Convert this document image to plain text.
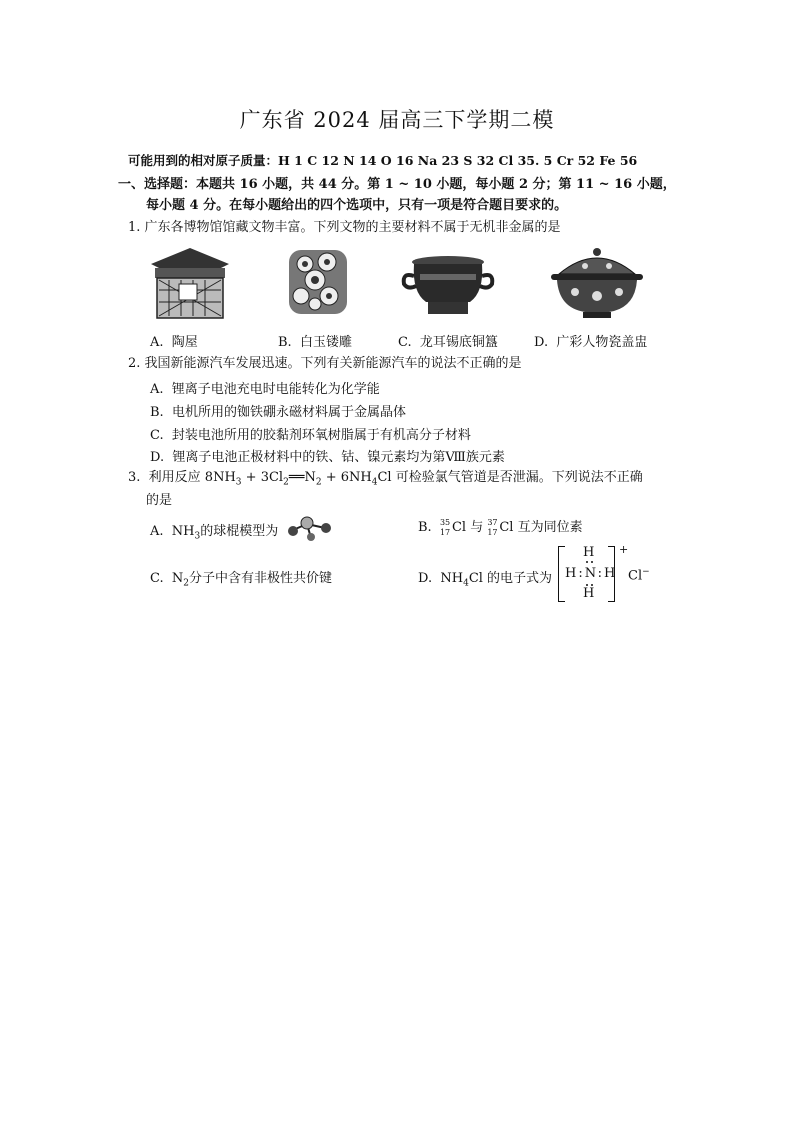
广东省 2024 届高三下学期二模
可能用到的相对原子质量：H 1 C 12 N 14 O 16 Na 23 S 32 Cl 35. 5 Cr 52 Fe 56
一、选择题：本题共 16 小题，共 44 分。第 1 ~ 10 小题，每小题 2 分；第 11 ~ 16 小题，
每小题 4 分。在每小题给出的四个选项中，只有一项是符合题目要求的。
1. 广东各博物馆馆藏文物丰富。下列文物的主要材料不属于无机非金属的是
A. 陶屋	B. 白玉镂雕	C. 龙耳锡底铜簋	D. 广彩人物瓷盖盅
2. 我国新能源汽车发展迅速。下列有关新能源汽车的说法不正确的是
A. 锂离子电池充电时电能转化为化学能
B. 电机所用的铷铁硼永磁材料属于金属晶体
C. 封装电池所用的胶黏剂环氧树脂属于有机高分子材料
D. 锂离子电池正极材料中的铁、钴、镍元素均为第Ⅷ族元素
3. 利用反应 $8NH_3$ + $3Cl_2══N_2 + 6NH_4Cl$ 可检验氯气管道是否泄漏。下列说法不正确
的是
A. $NH_3$的球棍模型为	B. 35
17 Cl 与 37
17 Cl 互为同位素
C. $N_2$分子中含有非极性共价键	D. $NH_4Cl$ 的电子式为
H
H:N:H
H
+
Cl−
